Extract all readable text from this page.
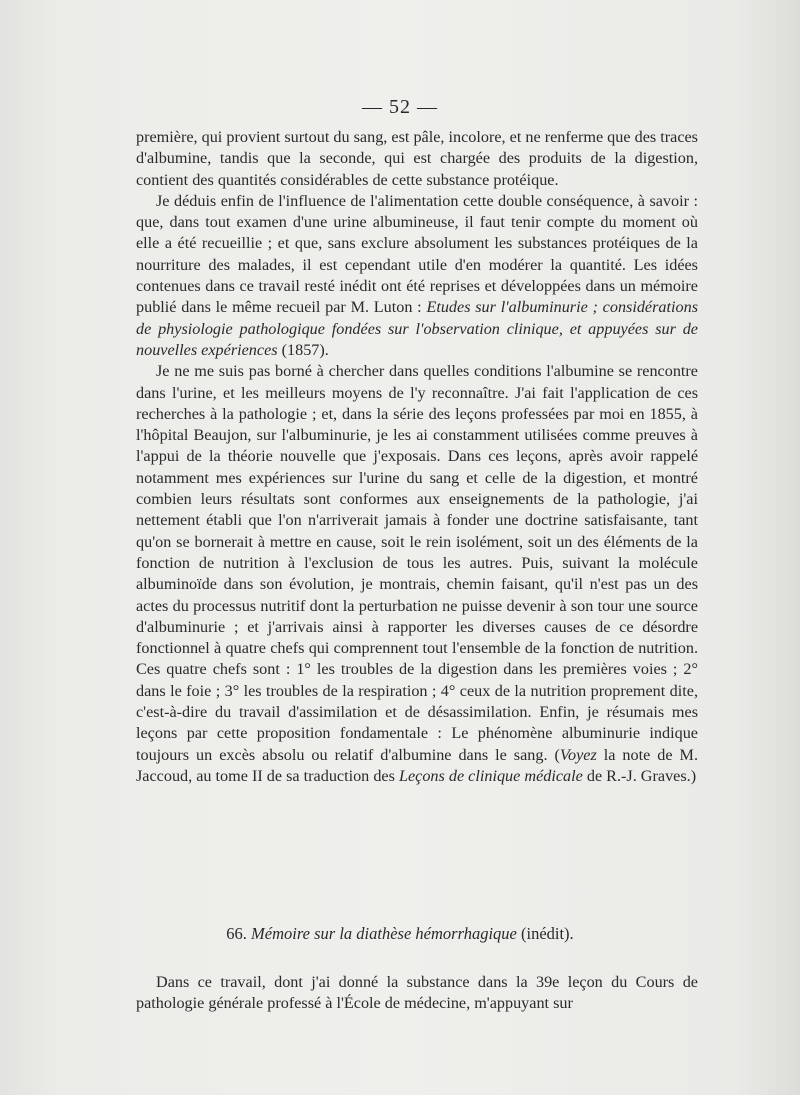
— 52 —

première, qui provient surtout du sang, est pâle, incolore, et ne renferme que des traces d'albumine, tandis que la seconde, qui est chargée des produits de la digestion, contient des quantités considérables de cette substance protéique.

Je déduis enfin de l'influence de l'alimentation cette double conséquence, à savoir : que, dans tout examen d'une urine albumineuse, il faut tenir compte du moment où elle a été recueillie ; et que, sans exclure absolument les substances protéiques de la nourriture des malades, il est cependant utile d'en modérer la quantité. Les idées contenues dans ce travail resté inédit ont été reprises et développées dans un mémoire publié dans le même recueil par M. Luton : Etudes sur l'albuminurie ; considérations de physiologie pathologique fondées sur l'observation clinique, et appuyées sur de nouvelles expériences (1857).

Je ne me suis pas borné à chercher dans quelles conditions l'albumine se rencontre dans l'urine, et les meilleurs moyens de l'y reconnaître. J'ai fait l'application de ces recherches à la pathologie ; et, dans la série des leçons professées par moi en 1855, à l'hôpital Beaujon, sur l'albuminurie, je les ai constamment utilisées comme preuves à l'appui de la théorie nouvelle que j'exposais. Dans ces leçons, après avoir rappelé notamment mes expériences sur l'urine du sang et celle de la digestion, et montré combien leurs résultats sont conformes aux enseignements de la pathologie, j'ai nettement établi que l'on n'arriverait jamais à fonder une doctrine satisfaisante, tant qu'on se bornerait à mettre en cause, soit le rein isolément, soit un des éléments de la fonction de nutrition à l'exclusion de tous les autres. Puis, suivant la molécule albuminoïde dans son évolution, je montrais, chemin faisant, qu'il n'est pas un des actes du processus nutritif dont la perturbation ne puisse devenir à son tour une source d'albuminurie ; et j'arrivais ainsi à rapporter les diverses causes de ce désordre fonctionnel à quatre chefs qui comprennent tout l'ensemble de la fonction de nutrition. Ces quatre chefs sont : 1° les troubles de la digestion dans les premières voies ; 2° dans le foie ; 3° les troubles de la respiration ; 4° ceux de la nutrition proprement dite, c'est-à-dire du travail d'assimilation et de désassimilation. Enfin, je résumais mes leçons par cette proposition fondamentale : Le phénomène albuminurie indique toujours un excès absolu ou relatif d'albumine dans le sang. (Voyez la note de M. Jaccoud, au tome II de sa traduction des Leçons de clinique médicale de R.-J. Graves.)

66. Mémoire sur la diathèse hémorrhagique (inédit).

Dans ce travail, dont j'ai donné la substance dans la 39e leçon du Cours de pathologie générale professé à l'École de médecine, m'appuyant sur
